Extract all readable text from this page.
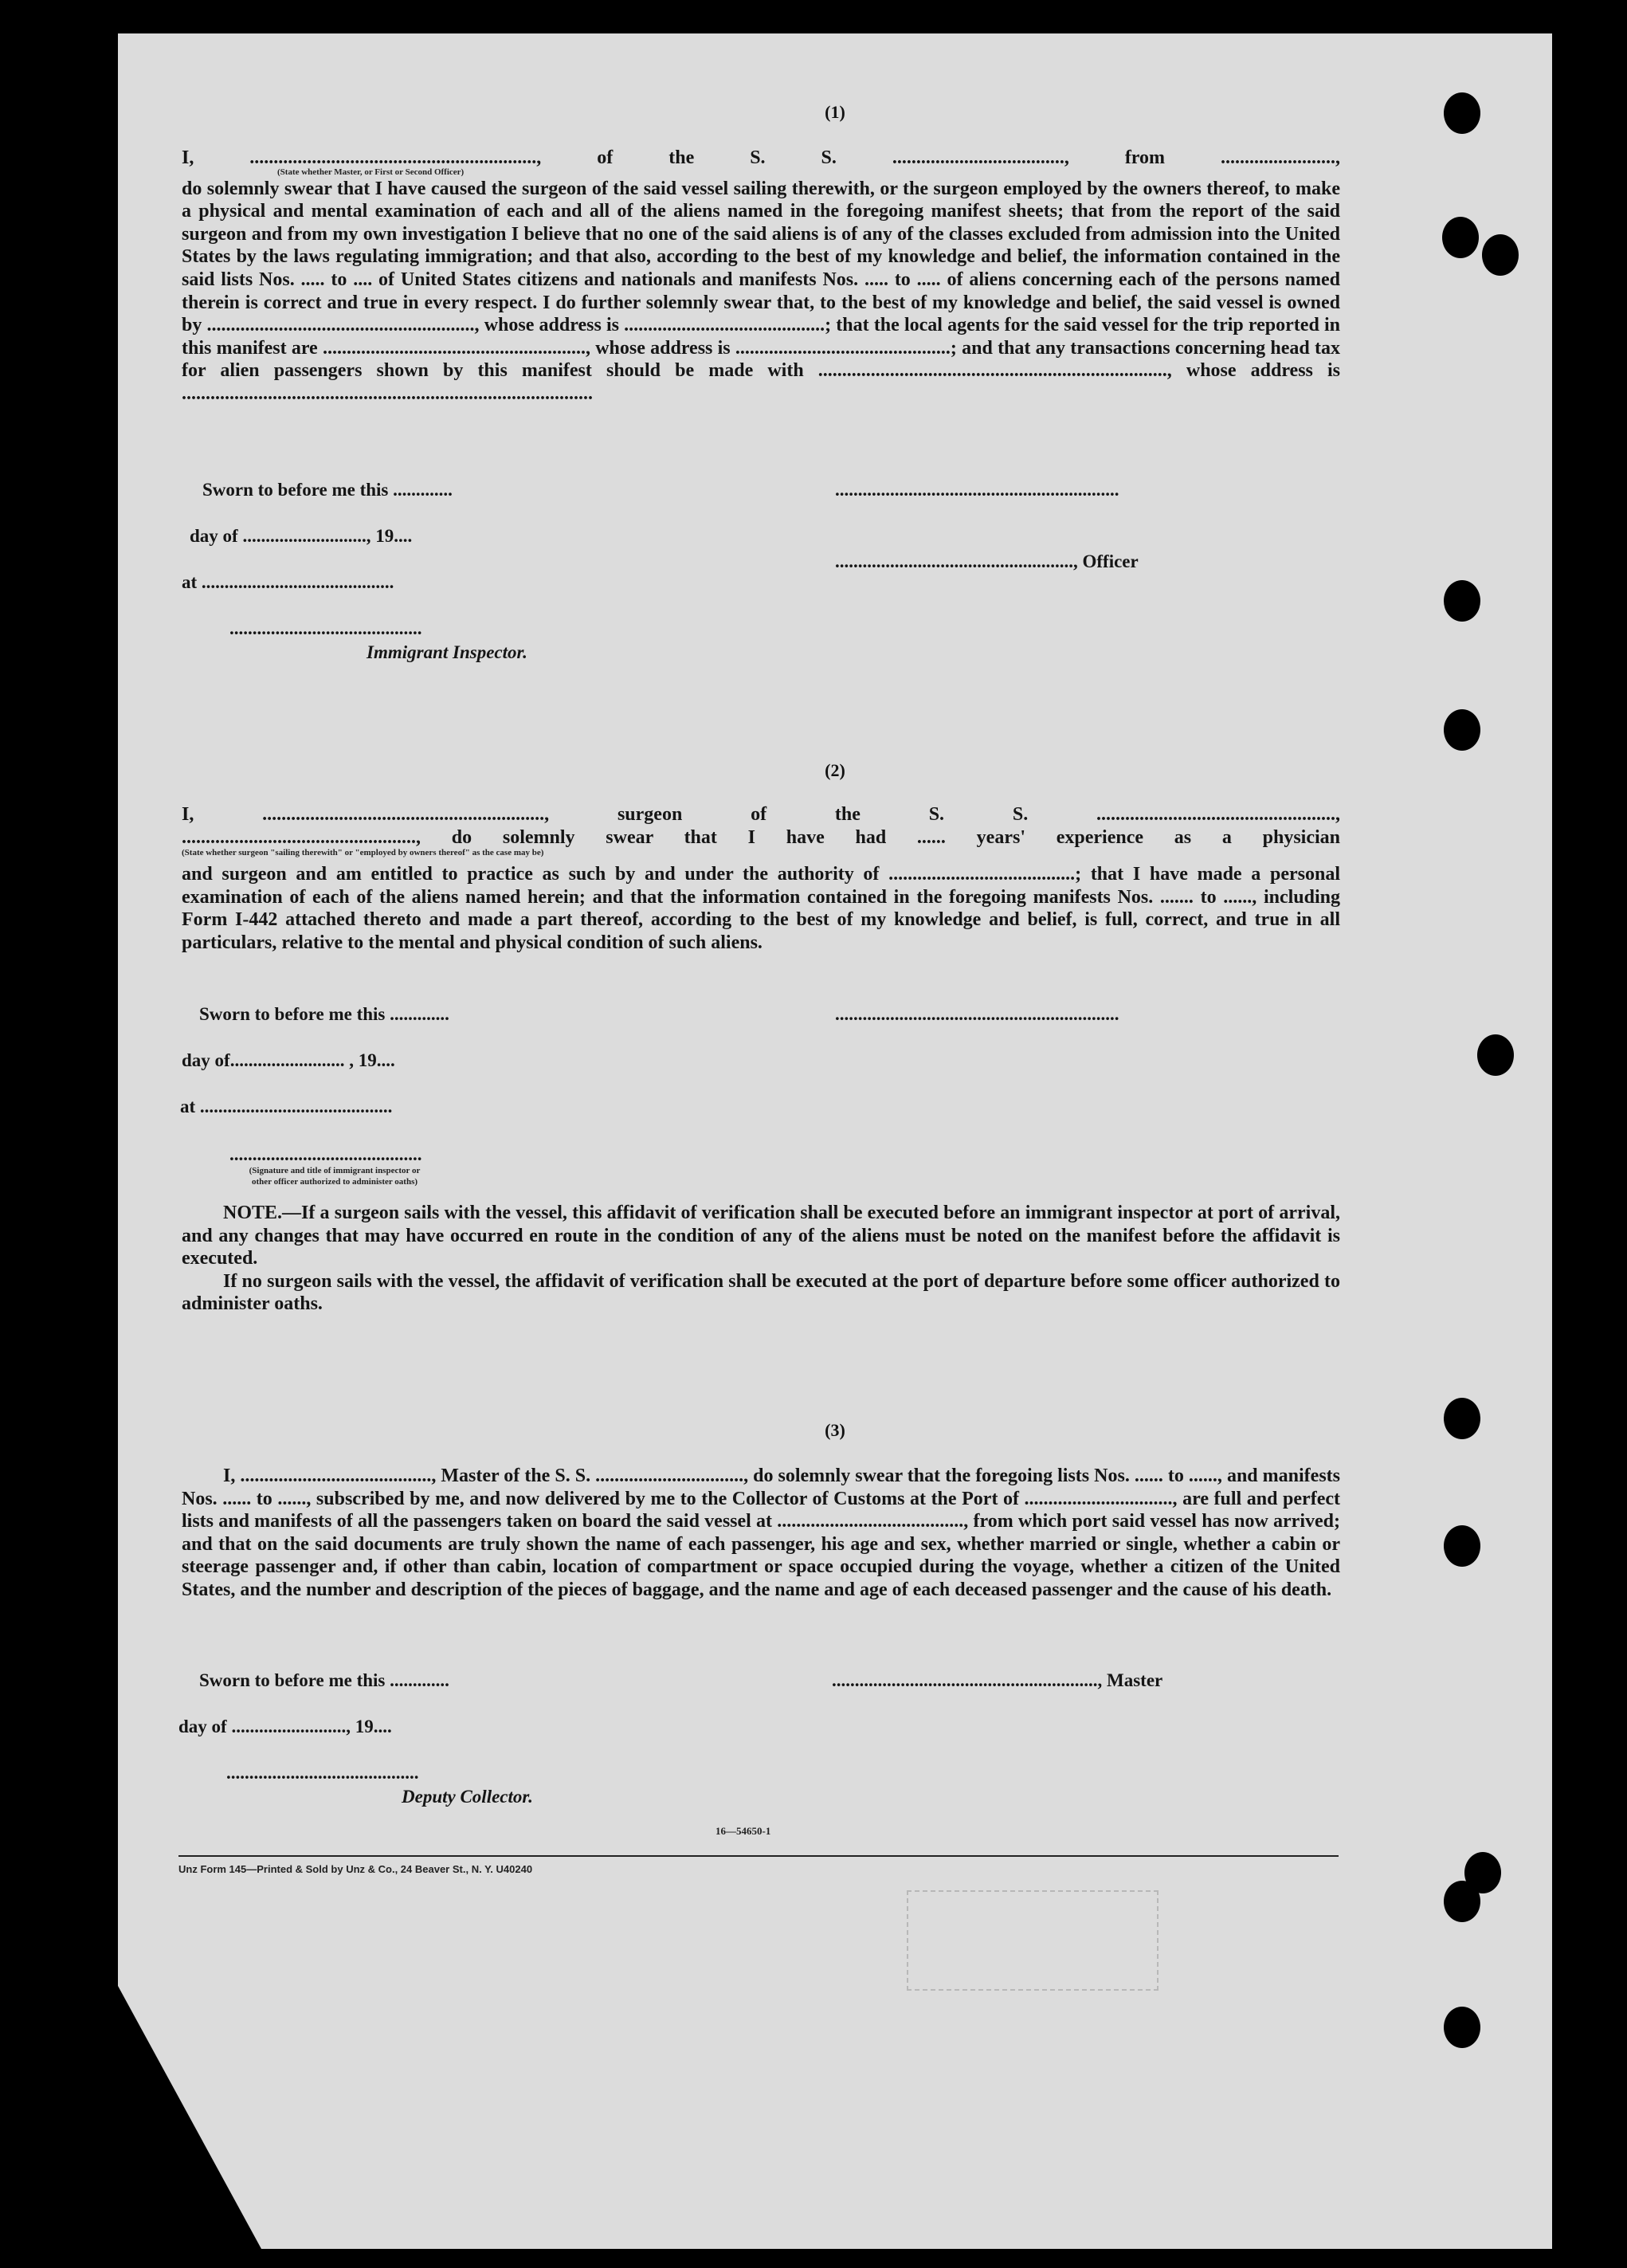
(1)

I, ............................................................, of the S. S. ...................................., from ........................,

(State whether Master, or First or Second Officer)

do solemnly swear that I have caused the surgeon of the said vessel sailing therewith, or the surgeon employed by the owners thereof, to make a physical and mental examination of each and all of the aliens named in the foregoing manifest sheets; that from the report of the said surgeon and from my own investigation I believe that no one of the said aliens is of any of the classes excluded from admission into the United States by the laws regulating immigration; and that also, according to the best of my knowledge and belief, the information contained in the said lists Nos. ..... to .... of United States citizens and nationals and manifests Nos. ..... to ..... of aliens concerning each of the persons named therein is correct and true in every respect. I do further solemnly swear that, to the best of my knowledge and belief, the said vessel is owned by ........................................................, whose address is ..........................................; that the local agents for the said vessel for the trip reported in this manifest are ......................................................., whose address is .............................................; and that any transactions concerning head tax for alien passengers shown by this manifest should be made with ........................................................................., whose address is ......................................................................................

Sworn to before me this .............
day of ..........................., 19....
at ..........................................
..........................................
Immigrant Inspector.
..............................................................
...................................................., Officer
(2)

I, ..........................................................., surgeon of the S. S. ..................................................,

................................................., do solemnly swear that I have had ...... years' experience as a physician

(State whether surgeon "sailing therewith" or "employed by owners thereof" as the case may be)

and surgeon and am entitled to practice as such by and under the authority of .......................................; that I have made a personal examination of each of the aliens named herein; and that the information contained in the foregoing manifests Nos. ....... to ......, including Form I-442 attached thereto and made a part thereof, according to the best of my knowledge and belief, is full, correct, and true in all particulars, relative to the mental and physical condition of such aliens.

Sworn to before me this .............
day of......................... , 19....
at ..........................................
..........................................
(Signature and title of immigrant inspector or other officer authorized to administer oaths)
..............................................................

NOTE.—If a surgeon sails with the vessel, this affidavit of verification shall be executed before an immigrant inspector at port of arrival, and any changes that may have occurred en route in the condition of any of the aliens must be noted on the manifest before the affidavit is executed.

If no surgeon sails with the vessel, the affidavit of verification shall be executed at the port of departure before some officer authorized to administer oaths.

(3)

I, ........................................, Master of the S. S. ..............................., do solemnly swear that the foregoing lists Nos. ...... to ......, and manifests Nos. ...... to ......, subscribed by me, and now delivered by me to the Collector of Customs at the Port of ..............................., are full and perfect lists and manifests of all the passengers taken on board the said vessel at ......................................., from which port said vessel has now arrived; and that on the said documents are truly shown the name of each passenger, his age and sex, whether married or single, whether a cabin or steerage passenger and, if other than cabin, location of compartment or space occupied during the voyage, whether a citizen of the United States, and the number and description of the pieces of baggage, and the name and age of each deceased passenger and the cause of his death.

Sworn to before me this .............
day of ........................., 19....
..........................................
Deputy Collector.
.........................................................., Master
16—54650-1
Unz Form 145—Printed & Sold by Unz & Co., 24 Beaver St., N. Y. U40240
